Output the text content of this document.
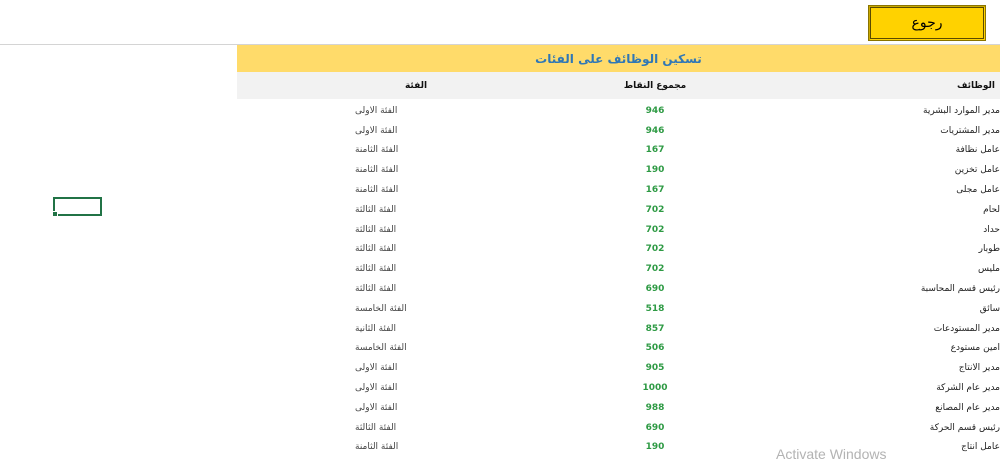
رجوع
تسكين الوظائف على الفئات
الوظائف
مجموع النقاط
الفئة
مدير الموارد البشرية
946
الفئة الاولى
مدير المشتريات
946
الفئة الاولى
عامل نظافة
167
الفئة الثامنة
عامل تخزين
190
الفئة الثامنة
عامل مجلى
167
الفئة الثامنة
لحام
702
الفئة الثالثة
حداد
702
الفئة الثالثة
طوبار
702
الفئة الثالثة
مليس
702
الفئة الثالثة
رئيس قسم المحاسبة
690
الفئة الثالثة
سائق
518
الفئة الخامسة
مدير المستودعات
857
الفئة الثانية
امين مستودع
506
الفئة الخامسة
مدير الانتاج
905
الفئة الاولى
مدير عام الشركة
1000
الفئة الاولى
مدير عام المصانع
988
الفئة الاولى
رئيس قسم الحركة
690
الفئة الثالثة
عامل انتاج
190
الفئة الثامنة	Activate Windows
